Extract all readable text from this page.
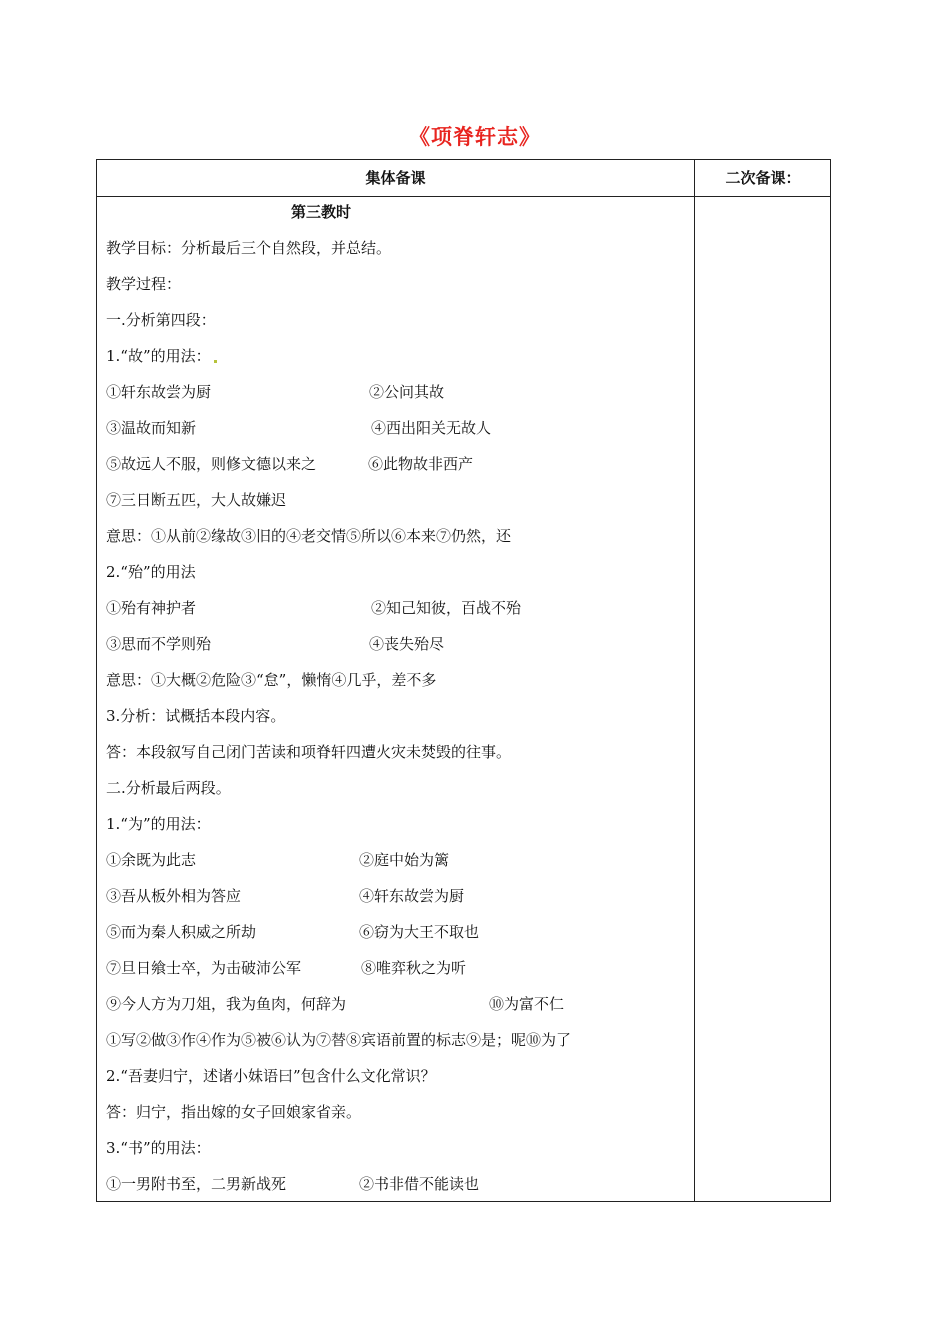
《项脊轩志》
集体备课	二次备课：
第三教时
教学目标：分析最后三个自然段，并总结。
教学过程：
一.分析第四段：
1.“故”的用法：
①轩东故尝为厨	②公问其故
③温故而知新	④西出阳关无故人
⑤故远人不服，则修文德以来之	⑥此物故非西产
⑦三日断五匹，大人故嫌迟
意思：①从前②缘故③旧的④老交情⑤所以⑥本来⑦仍然，还
2.“殆”的用法
①殆有神护者	②知己知彼，百战不殆
③思而不学则殆	④丧失殆尽
意思：①大概②危险③“怠”，懒惰④几乎，差不多
3.分析：试概括本段内容。
答：本段叙写自己闭门苦读和项脊轩四遭火灾未焚毁的往事。
二.分析最后两段。
1.“为”的用法：
①余既为此志	②庭中始为篱
③吾从板外相为答应	④轩东故尝为厨
⑤而为秦人积威之所劫	⑥窃为大王不取也
⑦旦日飨士卒，为击破沛公军	⑧唯弈秋之为听
⑨今人方为刀俎，我为鱼肉，何辞为	⑩为富不仁
①写②做③作④作为⑤被⑥认为⑦替⑧宾语前置的标志⑨是；呢⑩为了
2.“吾妻归宁，述诸小妹语曰”包含什么文化常识？
答：归宁，指出嫁的女子回娘家省亲。
3.“书”的用法：
①一男附书至，二男新战死	②书非借不能读也
